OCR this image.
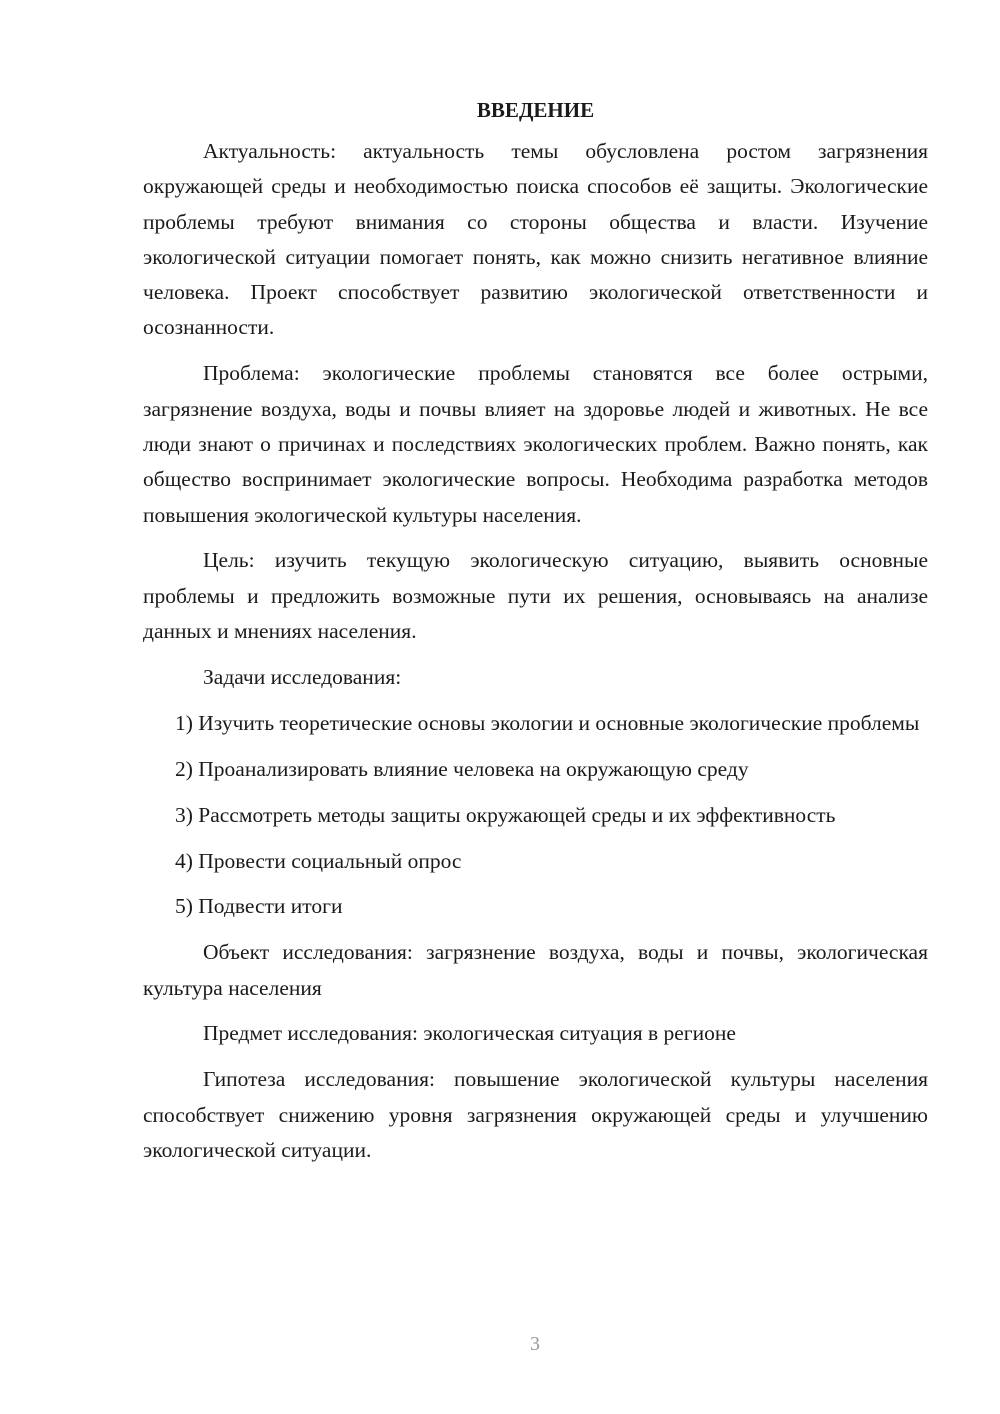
ВВЕДЕНИЕ

Актуальность: актуальность темы обусловлена ростом загрязнения окружающей среды и необходимостью поиска способов её защиты. Экологические проблемы требуют внимания со стороны общества и власти. Изучение экологической ситуации помогает понять, как можно снизить негативное влияние человека. Проект способствует развитию экологической ответственности и осознанности.

Проблема: экологические проблемы становятся все более острыми, загрязнение воздуха, воды и почвы влияет на здоровье людей и животных. Не все люди знают о причинах и последствиях экологических проблем. Важно понять, как общество воспринимает экологические вопросы. Необходима разработка методов повышения экологической культуры населения.

Цель: изучить текущую экологическую ситуацию, выявить основные проблемы и предложить возможные пути их решения, основываясь на анализе данных и мнениях населения.

Задачи исследования:

1) Изучить теоретические основы экологии и основные экологические проблемы

2) Проанализировать влияние человека на окружающую среду

3) Рассмотреть методы защиты окружающей среды и их эффективность

4) Провести социальный опрос

5) Подвести итоги

Объект исследования: загрязнение воздуха, воды и почвы, экологическая культура населения

Предмет исследования: экологическая ситуация в регионе

Гипотеза исследования: повышение экологической культуры населения способствует снижению уровня загрязнения окружающей среды и улучшению экологической ситуации.

3
